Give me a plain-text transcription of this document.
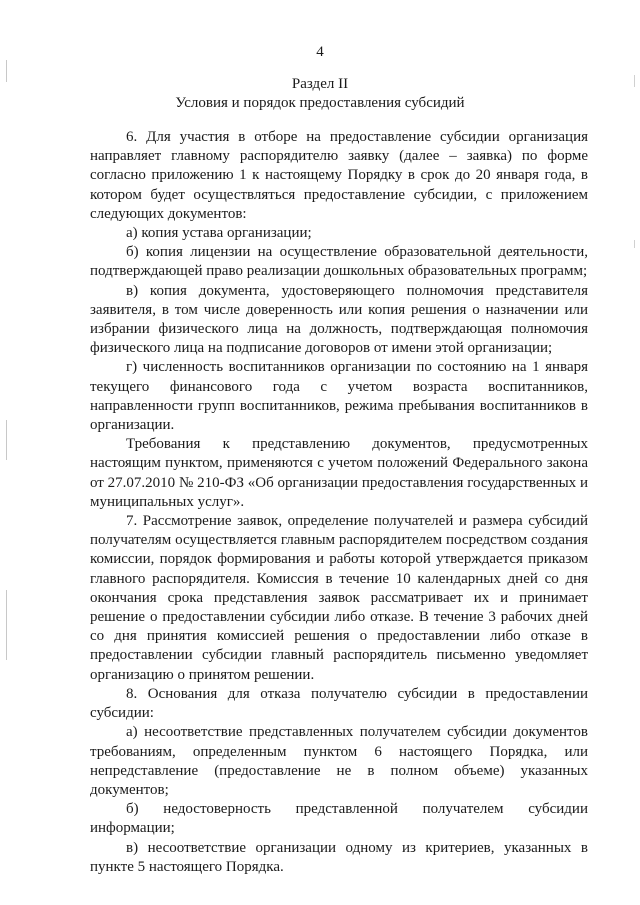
4
Раздел II
Условия и порядок предоставления субсидий

6. Для участия в отборе на предоставление субсидии организация направляет главному распорядителю заявку (далее – заявка) по форме согласно приложению 1 к настоящему Порядку в срок до 20 января года, в котором будет осуществляться предоставление субсидии, с приложением следующих документов:

а) копия устава организации;

б) копия лицензии на осуществление образовательной деятельности, подтверждающей право реализации дошкольных образовательных программ;

в) копия документа, удостоверяющего полномочия представителя заявителя, в том числе доверенность или копия решения о назначении или избрании физического лица на должность, подтверждающая полномочия физического лица на подписание договоров от имени этой организации;

г) численность воспитанников организации по состоянию на 1 января текущего финансового года с учетом возраста воспитанников, направленности групп воспитанников, режима пребывания воспитанников в организации.

Требования к представлению документов, предусмотренных настоящим пунктом, применяются с учетом положений Федерального закона от 27.07.2010 № 210-ФЗ «Об организации предоставления государственных и муниципальных услуг».

7. Рассмотрение заявок, определение получателей и размера субсидий получателям осуществляется главным распорядителем посредством создания комиссии, порядок формирования и работы которой утверждается приказом главного распорядителя. Комиссия в течение 10 календарных дней со дня окончания срока представления заявок рассматривает их и принимает решение о предоставлении субсидии либо отказе. В течение 3 рабочих дней со дня принятия комиссией решения о предоставлении либо отказе в предоставлении субсидии главный распорядитель письменно уведомляет организацию о принятом решении.

8. Основания для отказа получателю субсидии в предоставлении субсидии:

а) несоответствие представленных получателем субсидии документов требованиям, определенным пунктом 6 настоящего Порядка, или непредставление (предоставление не в полном объеме) указанных документов;

б) недостоверность представленной получателем субсидии информации;

в) несоответствие организации одному из критериев, указанных в пункте 5 настоящего Порядка.
